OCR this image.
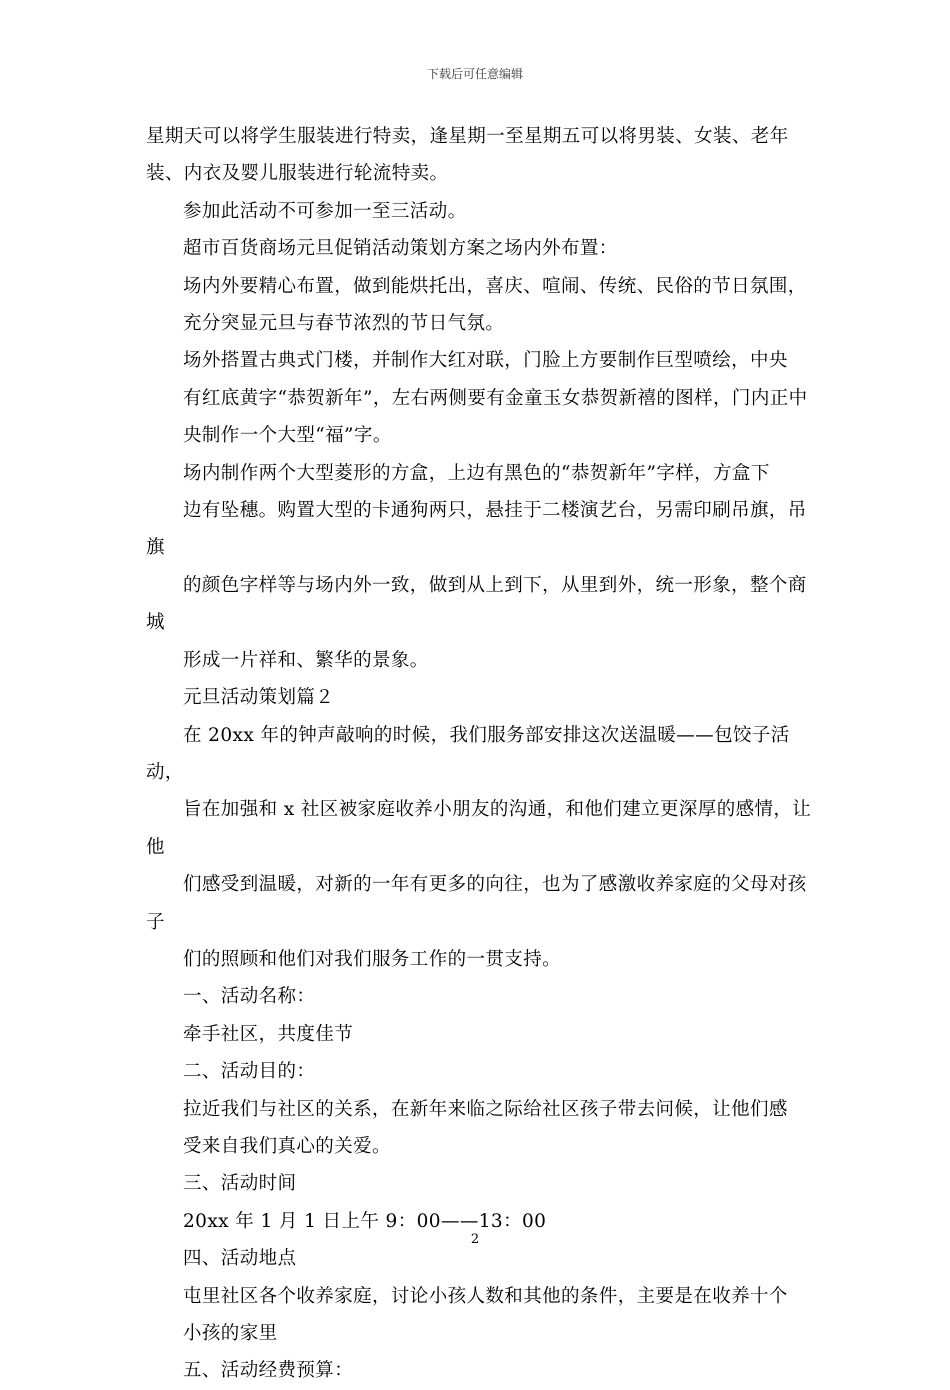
下载后可任意编辑

星期天可以将学生服装进行特卖，逢星期一至星期五可以将男装、女装、老年
装、内衣及婴儿服装进行轮流特卖。

参加此活动不可参加一至三活动。

超市百货商场元旦促销活动策划方案之场内外布置：

场内外要精心布置，做到能烘托出，喜庆、喧闹、传统、民俗的节日氛围，
充分突显元旦与春节浓烈的节日气氛。

场外搭置古典式门楼，并制作大红对联，门脸上方要制作巨型喷绘，中央
有红底黄字“恭贺新年”，左右两侧要有金童玉女恭贺新禧的图样，门内正中
央制作一个大型“福”字。

场内制作两个大型菱形的方盒，上边有黑色的“恭贺新年”字样，方盒下
边有坠穗。购置大型的卡通狗两只，悬挂于二楼演艺台，另需印刷吊旗，吊旗
的颜色字样等与场内外一致，做到从上到下，从里到外，统一形象，整个商城
形成一片祥和、繁华的景象。

元旦活动策划篇２

在 20xx 年的钟声敲响的时候，我们服务部安排这次送温暖——包饺子活动，
旨在加强和 x 社区被家庭收养小朋友的沟通，和他们建立更深厚的感情，让他
们感受到温暖，对新的一年有更多的向往，也为了感激收养家庭的父母对孩子
们的照顾和他们对我们服务工作的一贯支持。

一、活动名称：

牵手社区，共度佳节

二、活动目的：

拉近我们与社区的关系，在新年来临之际给社区孩子带去问候，让他们感
受来自我们真心的关爱。

三、活动时间

20xx 年 1 月 1 日上午 9：00——13：00

四、活动地点

屯里社区各个收养家庭，讨论小孩人数和其他的条件，主要是在收养十个
小孩的家里

五、活动经费预算：

2
